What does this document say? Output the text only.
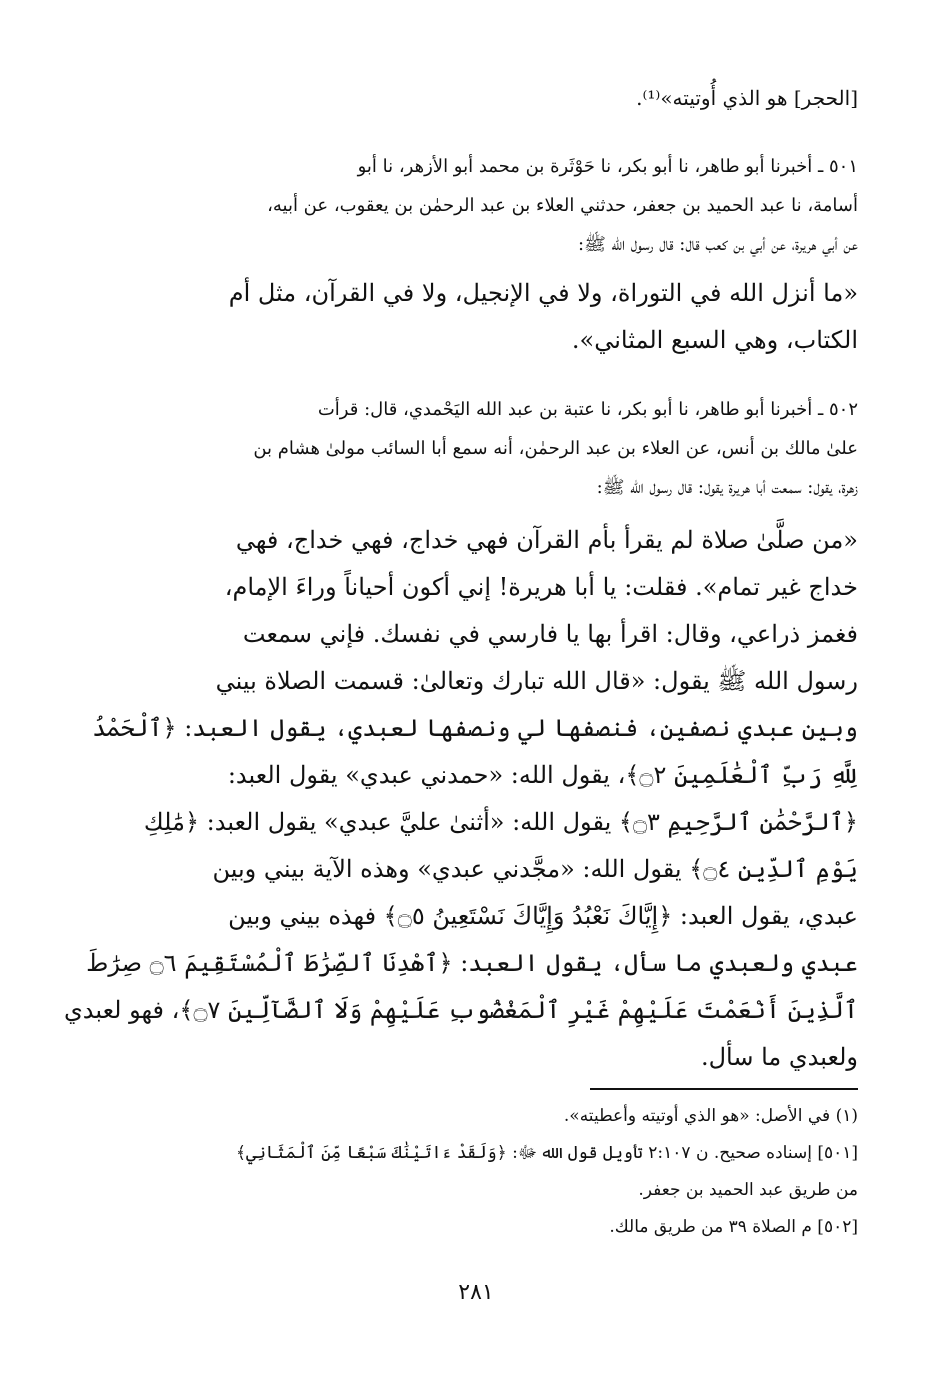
[الحجر] هو الذي أُوتيته»⁽¹⁾.
٥٠١ ـ أخبرنا أبو طاهر، نا أبو بكر، نا حَوْثَرة بن محمد أبو الأزهر، نا أبو
أسامة، نا عبد الحميد بن جعفر، حدثني العلاء بن عبد الرحمٰن بن يعقوب، عن أبيه،
عن أبي هريرة، عن أبي بن كعب قال: قال رسول الله ﷺ:
«ما أنزل الله في التوراة، ولا في الإنجيل، ولا في القرآن، مثل أم
الكتاب، وهي السبع المثاني».
٥٠٢ ـ أخبرنا أبو طاهر، نا أبو بكر، نا عتبة بن عبد الله اليَحْمدي، قال: قرأت
علىٰ مالك بن أنس، عن العلاء بن عبد الرحمٰن، أنه سمع أبا السائب مولىٰ هشام بن
زهرة، يقول: سمعت أبا هريرة يقول: قال رسول الله ﷺ:
«من صلَّىٰ صلاة لم يقرأ بأم القرآن فهي خداج، فهي خداج، فهي
خداج غير تمام». فقلت: يا أبا هريرة! إني أكون أحياناً وراءَ الإمام،
فغمز ذراعي، وقال: اقرأ بها يا فارسي في نفسك. فإني سمعت
رسول الله ﷺ يقول: «قال الله تبارك وتعالىٰ: قسمت الصلاة بيني
وبين عبدي نصفين، فنصفها لي ونصفها لعبدي، يقول العبد: ﴿ٱلْحَمْدُ
لِلَّهِ رَبِّ ٱلْعَٰلَمِينَ ۝٢﴾، يقول الله: «حمدني عبدي» يقول العبد:
﴿ٱلرَّحْمَٰنِ ٱلرَّحِيمِ ۝٣﴾ يقول الله: «أثنىٰ عليَّ عبدي» يقول العبد: ﴿مَٰلِكِ
يَوْمِ ٱلدِّينِ ۝٤﴾ يقول الله: «مجَّدني عبدي» وهذه الآية بيني وبين
عبدي، يقول العبد: ﴿إِيَّاكَ نَعْبُدُ وَإِيَّاكَ نَسْتَعِينُ ۝٥﴾ فهذه بيني وبين
عبدي ولعبدي ما سأل، يقول العبد: ﴿ٱهْدِنَا ٱلصِّرَٰطَ ٱلْمُسْتَقِيمَ ۝٦ صِرَٰطَ
ٱلَّذِينَ أَنْعَمْتَ عَلَيْهِمْ غَيْرِ ٱلْمَغْضُوبِ عَلَيْهِمْ وَلَا ٱلضَّآلِّينَ ۝٧﴾، فهو لعبدي
ولعبدي ما سأل.
(١) في الأصل: «هو الذي أوتيته وأعطيته».
[٥٠١] إسناده صحيح. ن ٢:١٠٧ تأويل قول الله ﷻ: ﴿وَلَقَدْ ءَاتَيْنَٰكَ سَبْعًا مِّنَ ٱلْمَثَانِي﴾
من طريق عبد الحميد بن جعفر.
[٥٠٢] م الصلاة ٣٩ من طريق مالك.
٢٨١
